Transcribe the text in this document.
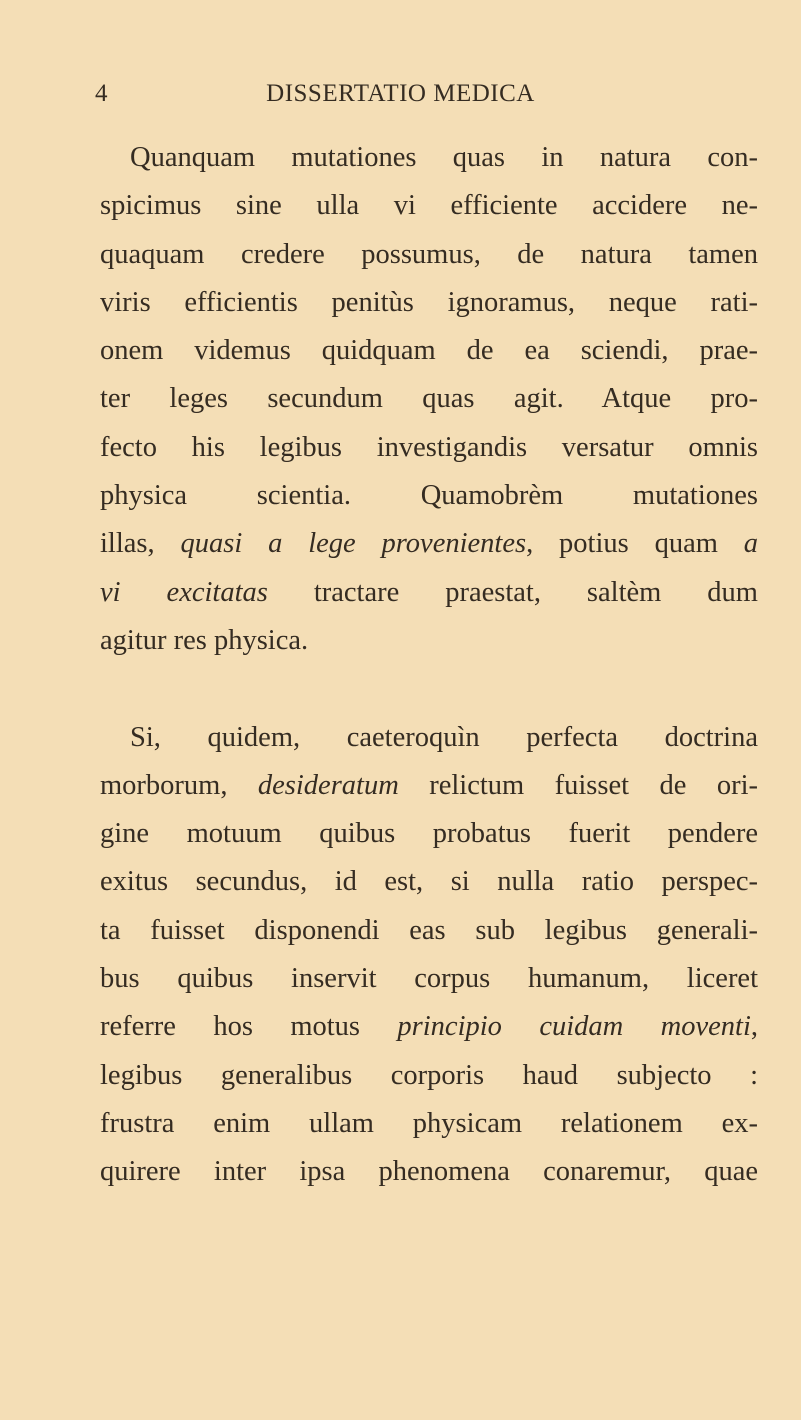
4	DISSERTATIO MEDICA
Quanquam mutationes quas in natura con-
spicimus sine ulla vi efficiente accidere ne-
quaquam credere possumus, de natura tamen
viris efficientis penitùs ignoramus, neque rati-
onem videmus quidquam de ea sciendi, prae-
ter leges secundum quas agit. Atque pro-
fecto his legibus investigandis versatur omnis
physica scientia. Quamobrèm mutationes
illas, quasi a lege provenientes, potius quam a
vi excitatas tractare praestat, saltèm dum
agitur res physica.
Si, quidem, caeteroquìn perfecta doctrina
morborum, desideratum relictum fuisset de ori-
gine motuum quibus probatus fuerit pendere
exitus secundus, id est, si nulla ratio perspec-
ta fuisset disponendi eas sub legibus generali-
bus quibus inservit corpus humanum, liceret
referre hos motus principio cuidam moventi,
legibus generalibus corporis haud subjecto :
frustra enim ullam physicam relationem ex-
quirere inter ipsa phenomena conaremur, quae
